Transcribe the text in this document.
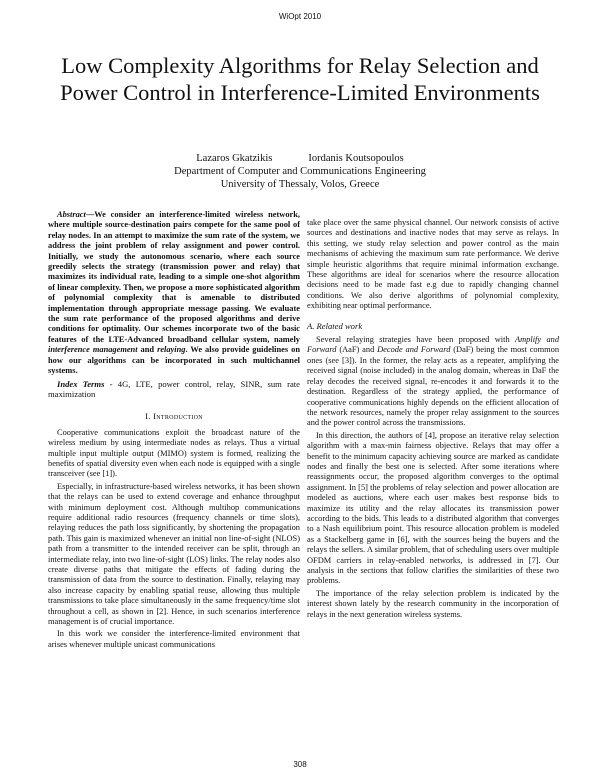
WiOpt 2010
Low Complexity Algorithms for Relay Selection and Power Control in Interference-Limited Environments
Lazaros Gkatzikis	Iordanis Koutsopoulos
Department of Computer and Communications Engineering
University of Thessaly, Volos, Greece

Abstract—We consider an interference-limited wireless network, where multiple source-destination pairs compete for the same pool of relay nodes. In an attempt to maximize the sum rate of the system, we address the joint problem of relay assignment and power control. Initially, we study the autonomous scenario, where each source greedily selects the strategy (transmission power and relay) that maximizes its individual rate, leading to a simple one-shot algorithm of linear complexity. Then, we propose a more sophisticated algorithm of polynomial complexity that is amenable to distributed implementation through appropriate message passing. We evaluate the sum rate performance of the proposed algorithms and derive conditions for optimality. Our schemes incorporate two of the basic features of the LTE-Advanced broadband cellular system, namely interference management and relaying. We also provide guidelines on how our algorithms can be incorporated in such multichannel systems.

Index Terms - 4G, LTE, power control, relay, SINR, sum rate maximization

I. Introduction

Cooperative communications exploit the broadcast nature of the wireless medium by using intermediate nodes as relays. Thus a virtual multiple input multiple output (MIMO) system is formed, realizing the benefits of spatial diversity even when each node is equipped with a single transceiver (see [1]).

Especially, in infrastructure-based wireless networks, it has been shown that the relays can be used to extend coverage and enhance throughput with minimum deployment cost. Although multihop communications require additional radio resources (frequency channels or time slots), relaying reduces the path loss significantly, by shortening the propagation path. This gain is maximized whenever an initial non line-of-sight (NLOS) path from a transmitter to the intended receiver can be split, through an intermediate relay, into two line-of-sight (LOS) links. The relay nodes also create diverse paths that mitigate the effects of fading during the transmission of data from the source to destination. Finally, relaying may also increase capacity by enabling spatial reuse, allowing thus multiple transmissions to take place simultaneously in the same frequency/time slot throughout a cell, as shown in [2]. Hence, in such scenarios interference management is of crucial importance.

In this work we consider the interference-limited environment that arises whenever multiple unicast communications

take place over the same physical channel. Our network consists of active sources and destinations and inactive nodes that may serve as relays. In this setting, we study relay selection and power control as the main mechanisms of achieving the maximum sum rate performance. We derive simple heuristic algorithms that require minimal information exchange. These algorithms are ideal for scenarios where the resource allocation decisions need to be made fast e.g due to rapidly changing channel conditions. We also derive algorithms of polynomial complexity, exhibiting near optimal performance.

A. Related work

Several relaying strategies have been proposed with Amplify and Forward (AaF) and Decode and Forward (DaF) being the most common ones (see [3]). In the former, the relay acts as a repeater, amplifying the received signal (noise included) in the analog domain, whereas in DaF the relay decodes the received signal, re-encodes it and forwards it to the destination. Regardless of the strategy applied, the performance of cooperative communications highly depends on the efficient allocation of the network resources, namely the proper relay assignment to the sources and the power control across the transmissions.

In this direction, the authors of [4], propose an iterative relay selection algorithm with a max-min fairness objective. Relays that may offer a benefit to the minimum capacity achieving source are marked as candidate nodes and finally the best one is selected. After some iterations where reassignments occur, the proposed algorithm converges to the optimal assignment. In [5] the problems of relay selection and power allocation are modeled as auctions, where each user makes best response bids to maximize its utility and the relay allocates its transmission power according to the bids. This leads to a distributed algorithm that converges to a Nash equilibrium point. This resource allocation problem is modeled as a Stackelberg game in [6], with the sources being the buyers and the relays the sellers. A similar problem, that of scheduling users over multiple OFDM carriers in relay-enabled networks, is addressed in [7]. Our analysis in the sections that follow clarifies the similarities of these two problems.

The importance of the relay selection problem is indicated by the interest shown lately by the research community in the incorporation of relays in the next generation wireless systems.

308
